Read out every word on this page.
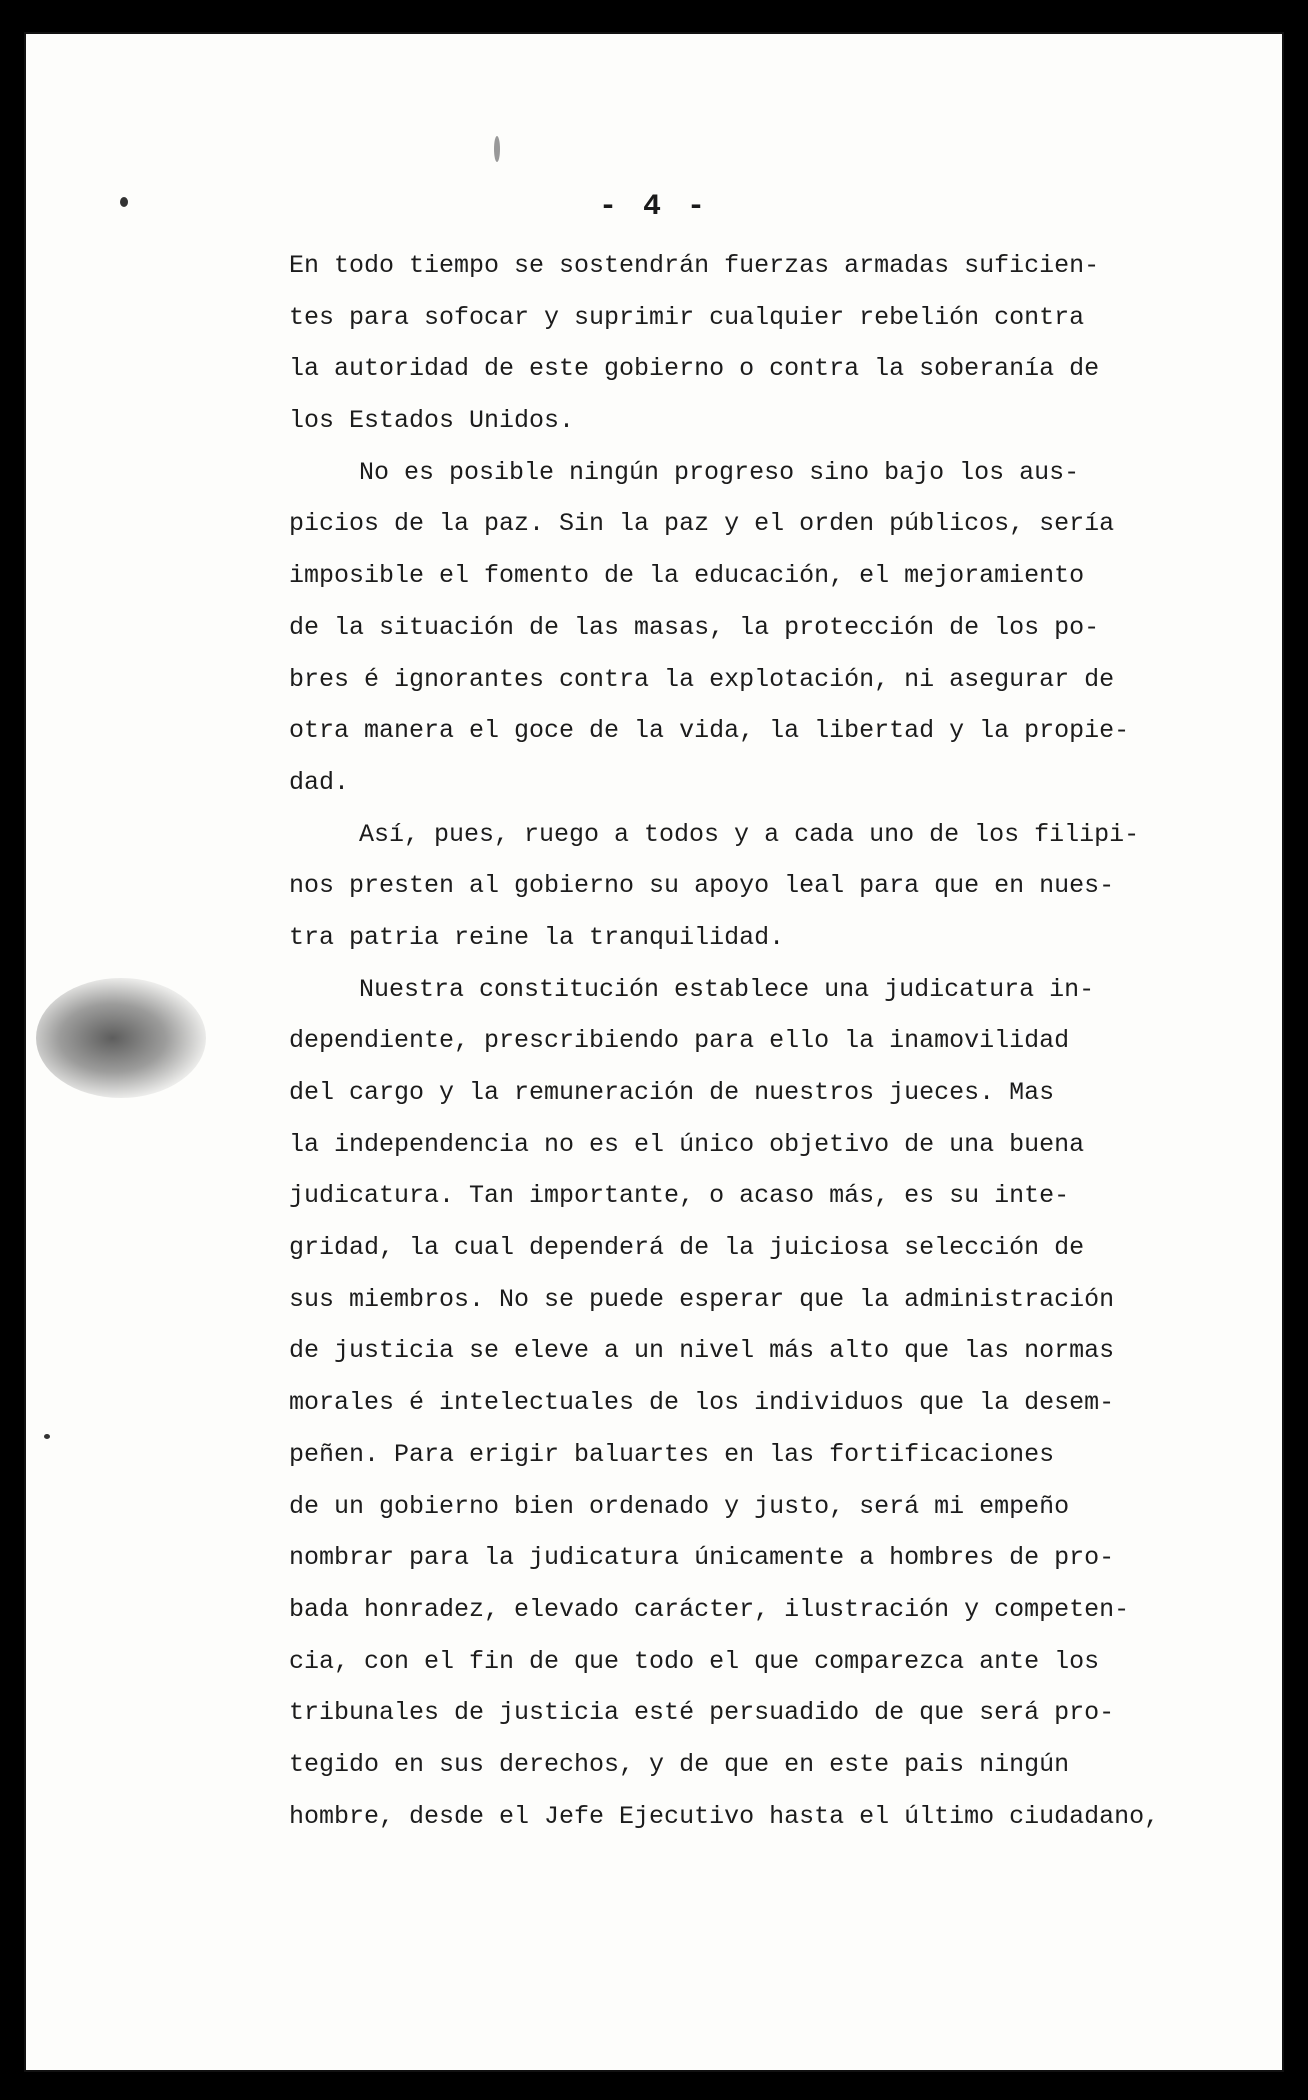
- 4 -
En todo tiempo se sostendrán fuerzas armadas suficien-
tes para sofocar y suprimir cualquier rebelión contra
la autoridad de este gobierno o contra la soberanía de
los Estados Unidos.
No es posible ningún progreso sino bajo los aus-
picios de la paz. Sin la paz y el orden públicos, sería
imposible el fomento de la educación, el mejoramiento
de la situación de las masas, la protección de los po-
bres é ignorantes contra la explotación, ni asegurar de
otra manera el goce de la vida, la libertad y la propie-
dad.
Así, pues, ruego a todos y a cada uno de los filipi-
nos presten al gobierno su apoyo leal para que en nues-
tra patria reine la tranquilidad.
Nuestra constitución establece una judicatura in-
dependiente, prescribiendo para ello la inamovilidad
del cargo y la remuneración de nuestros jueces. Mas
la independencia no es el único objetivo de una buena
judicatura. Tan importante, o acaso más, es su inte-
gridad, la cual dependerá de la juiciosa selección de
sus miembros. No se puede esperar que la administración
de justicia se eleve a un nivel más alto que las normas
morales é intelectuales de los individuos que la desem-
peñen. Para erigir baluartes en las fortificaciones
de un gobierno bien ordenado y justo, será mi empeño
nombrar para la judicatura únicamente a hombres de pro-
bada honradez, elevado carácter, ilustración y competen-
cia, con el fin de que todo el que comparezca ante los
tribunales de justicia esté persuadido de que será pro-
tegido en sus derechos, y de que en este pais ningún
hombre, desde el Jefe Ejecutivo hasta el último ciudadano,
